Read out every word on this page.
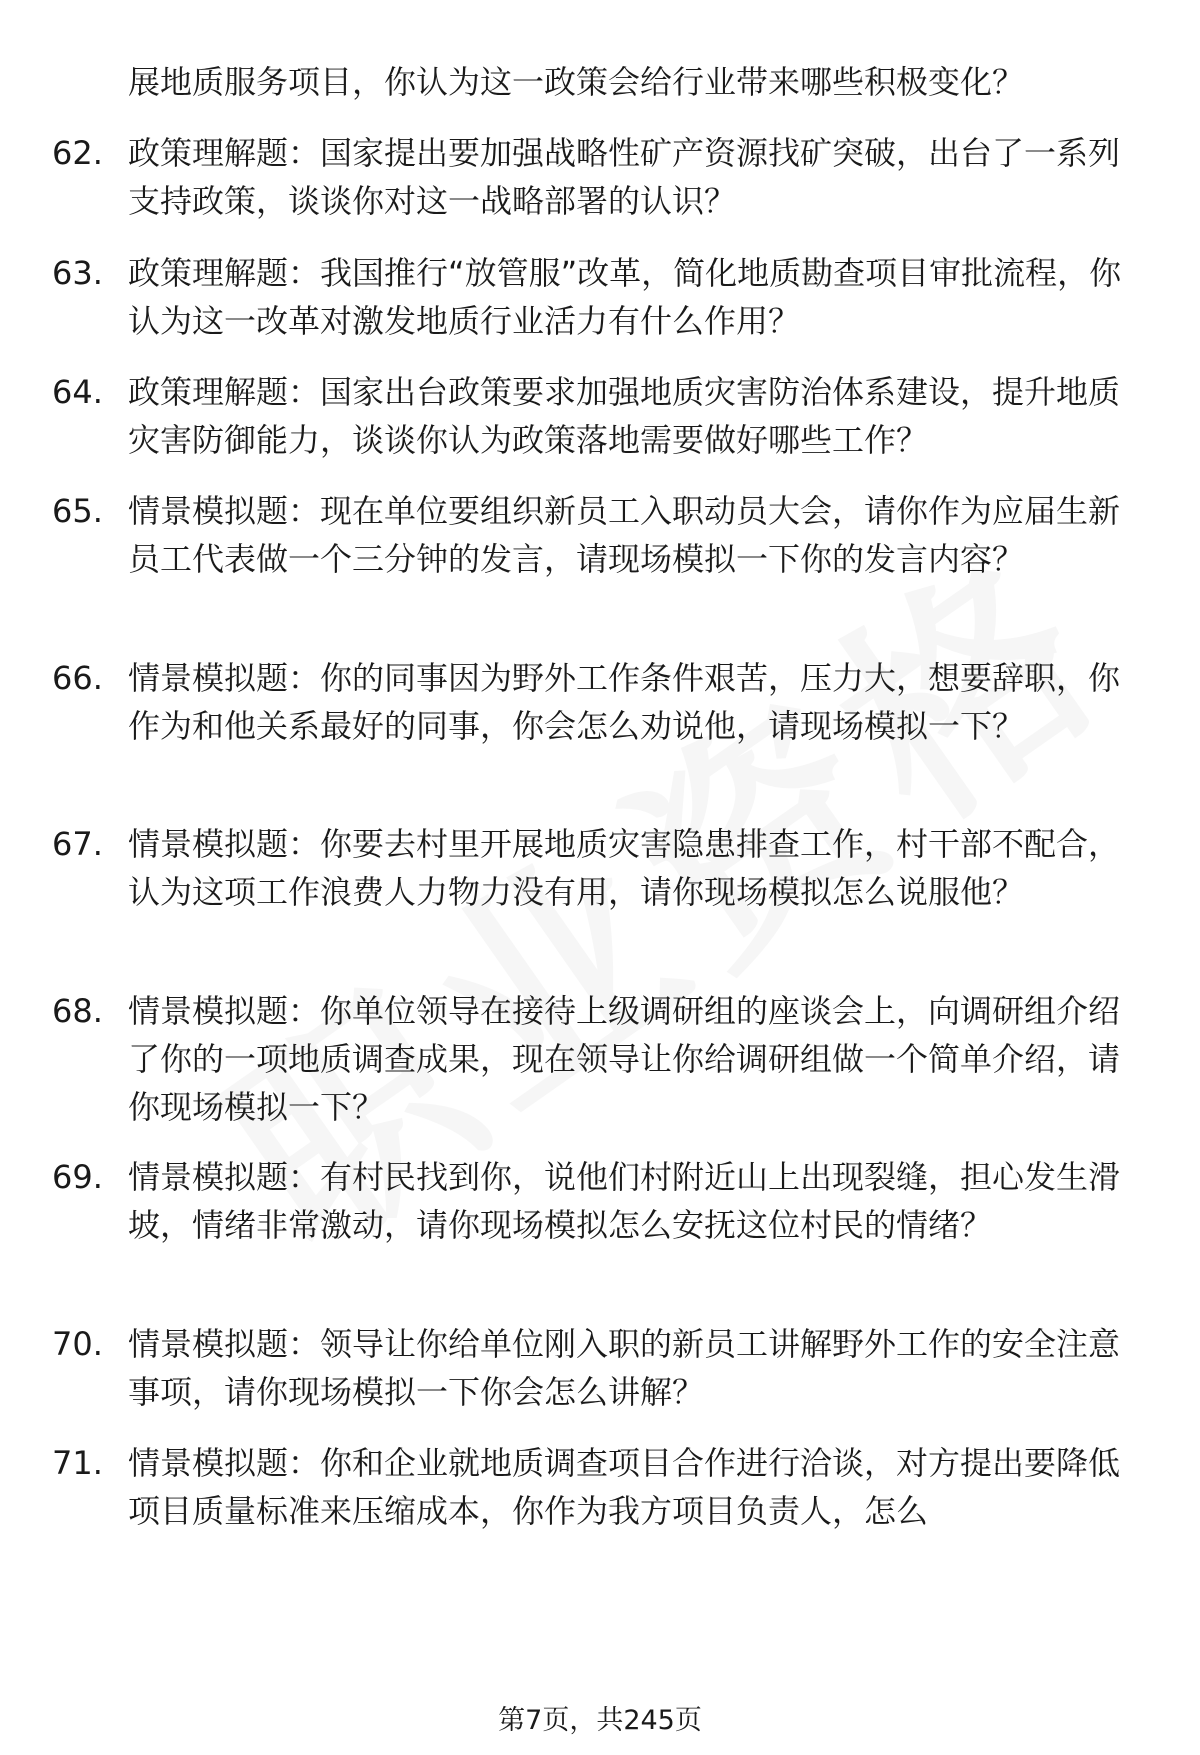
展地质服务项目，你认为这一政策会给行业带来哪些积极变化？
62. 政策理解题：国家提出要加强战略性矿产资源找矿突破，出台了一系列支持政策，谈谈你对这一战略部署的认识？
63. 政策理解题：我国推行“放管服”改革，简化地质勘查项目审批流程，你认为这一改革对激发地质行业活力有什么作用？
64. 政策理解题：国家出台政策要求加强地质灾害防治体系建设，提升地质灾害防御能力，谈谈你认为政策落地需要做好哪些工作？
65. 情景模拟题：现在单位要组织新员工入职动员大会，请你作为应届生新员工代表做一个三分钟的发言，请现场模拟一下你的发言内容？
66. 情景模拟题：你的同事因为野外工作条件艰苦，压力大，想要辞职，你作为和他关系最好的同事，你会怎么劝说他，请现场模拟一下？
67. 情景模拟题：你要去村里开展地质灾害隐患排查工作，村干部不配合，认为这项工作浪费人力物力没有用，请你现场模拟怎么说服他？
68. 情景模拟题：你单位领导在接待上级调研组的座谈会上，向调研组介绍了你的一项地质调查成果，现在领导让你给调研组做一个简单介绍，请你现场模拟一下？
69. 情景模拟题：有村民找到你，说他们村附近山上出现裂缝，担心发生滑坡，情绪非常激动，请你现场模拟怎么安抚这位村民的情绪？
70. 情景模拟题：领导让你给单位刚入职的新员工讲解野外工作的安全注意事项，请你现场模拟一下你会怎么讲解？
71. 情景模拟题：你和企业就地质调查项目合作进行洽谈，对方提出要降低项目质量标准来压缩成本，你作为我方项目负责人，怎么
第7页，共245页
